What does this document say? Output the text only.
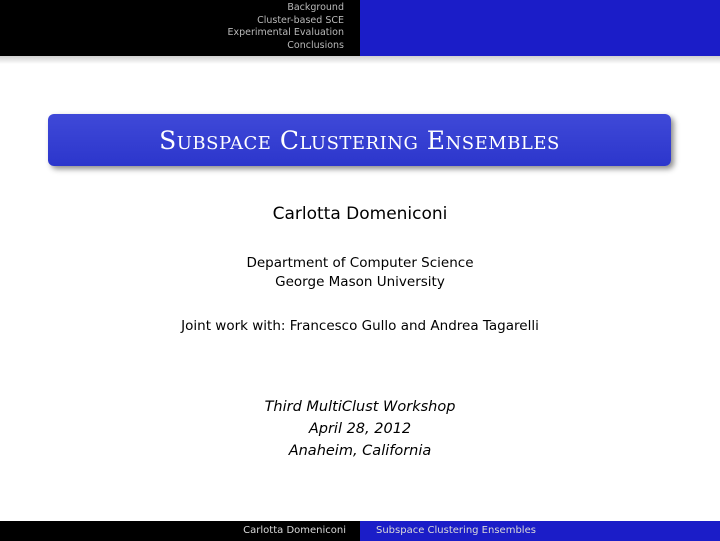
Background
Cluster-based SCE
Experimental Evaluation
Conclusions
Subspace Clustering Ensembles
Carlotta Domeniconi
Department of Computer Science
George Mason University
Joint work with: Francesco Gullo and Andrea Tagarelli
Third MultiClust Workshop
April 28, 2012
Anaheim, California
Carlotta Domeniconi	Subspace Clustering Ensembles
